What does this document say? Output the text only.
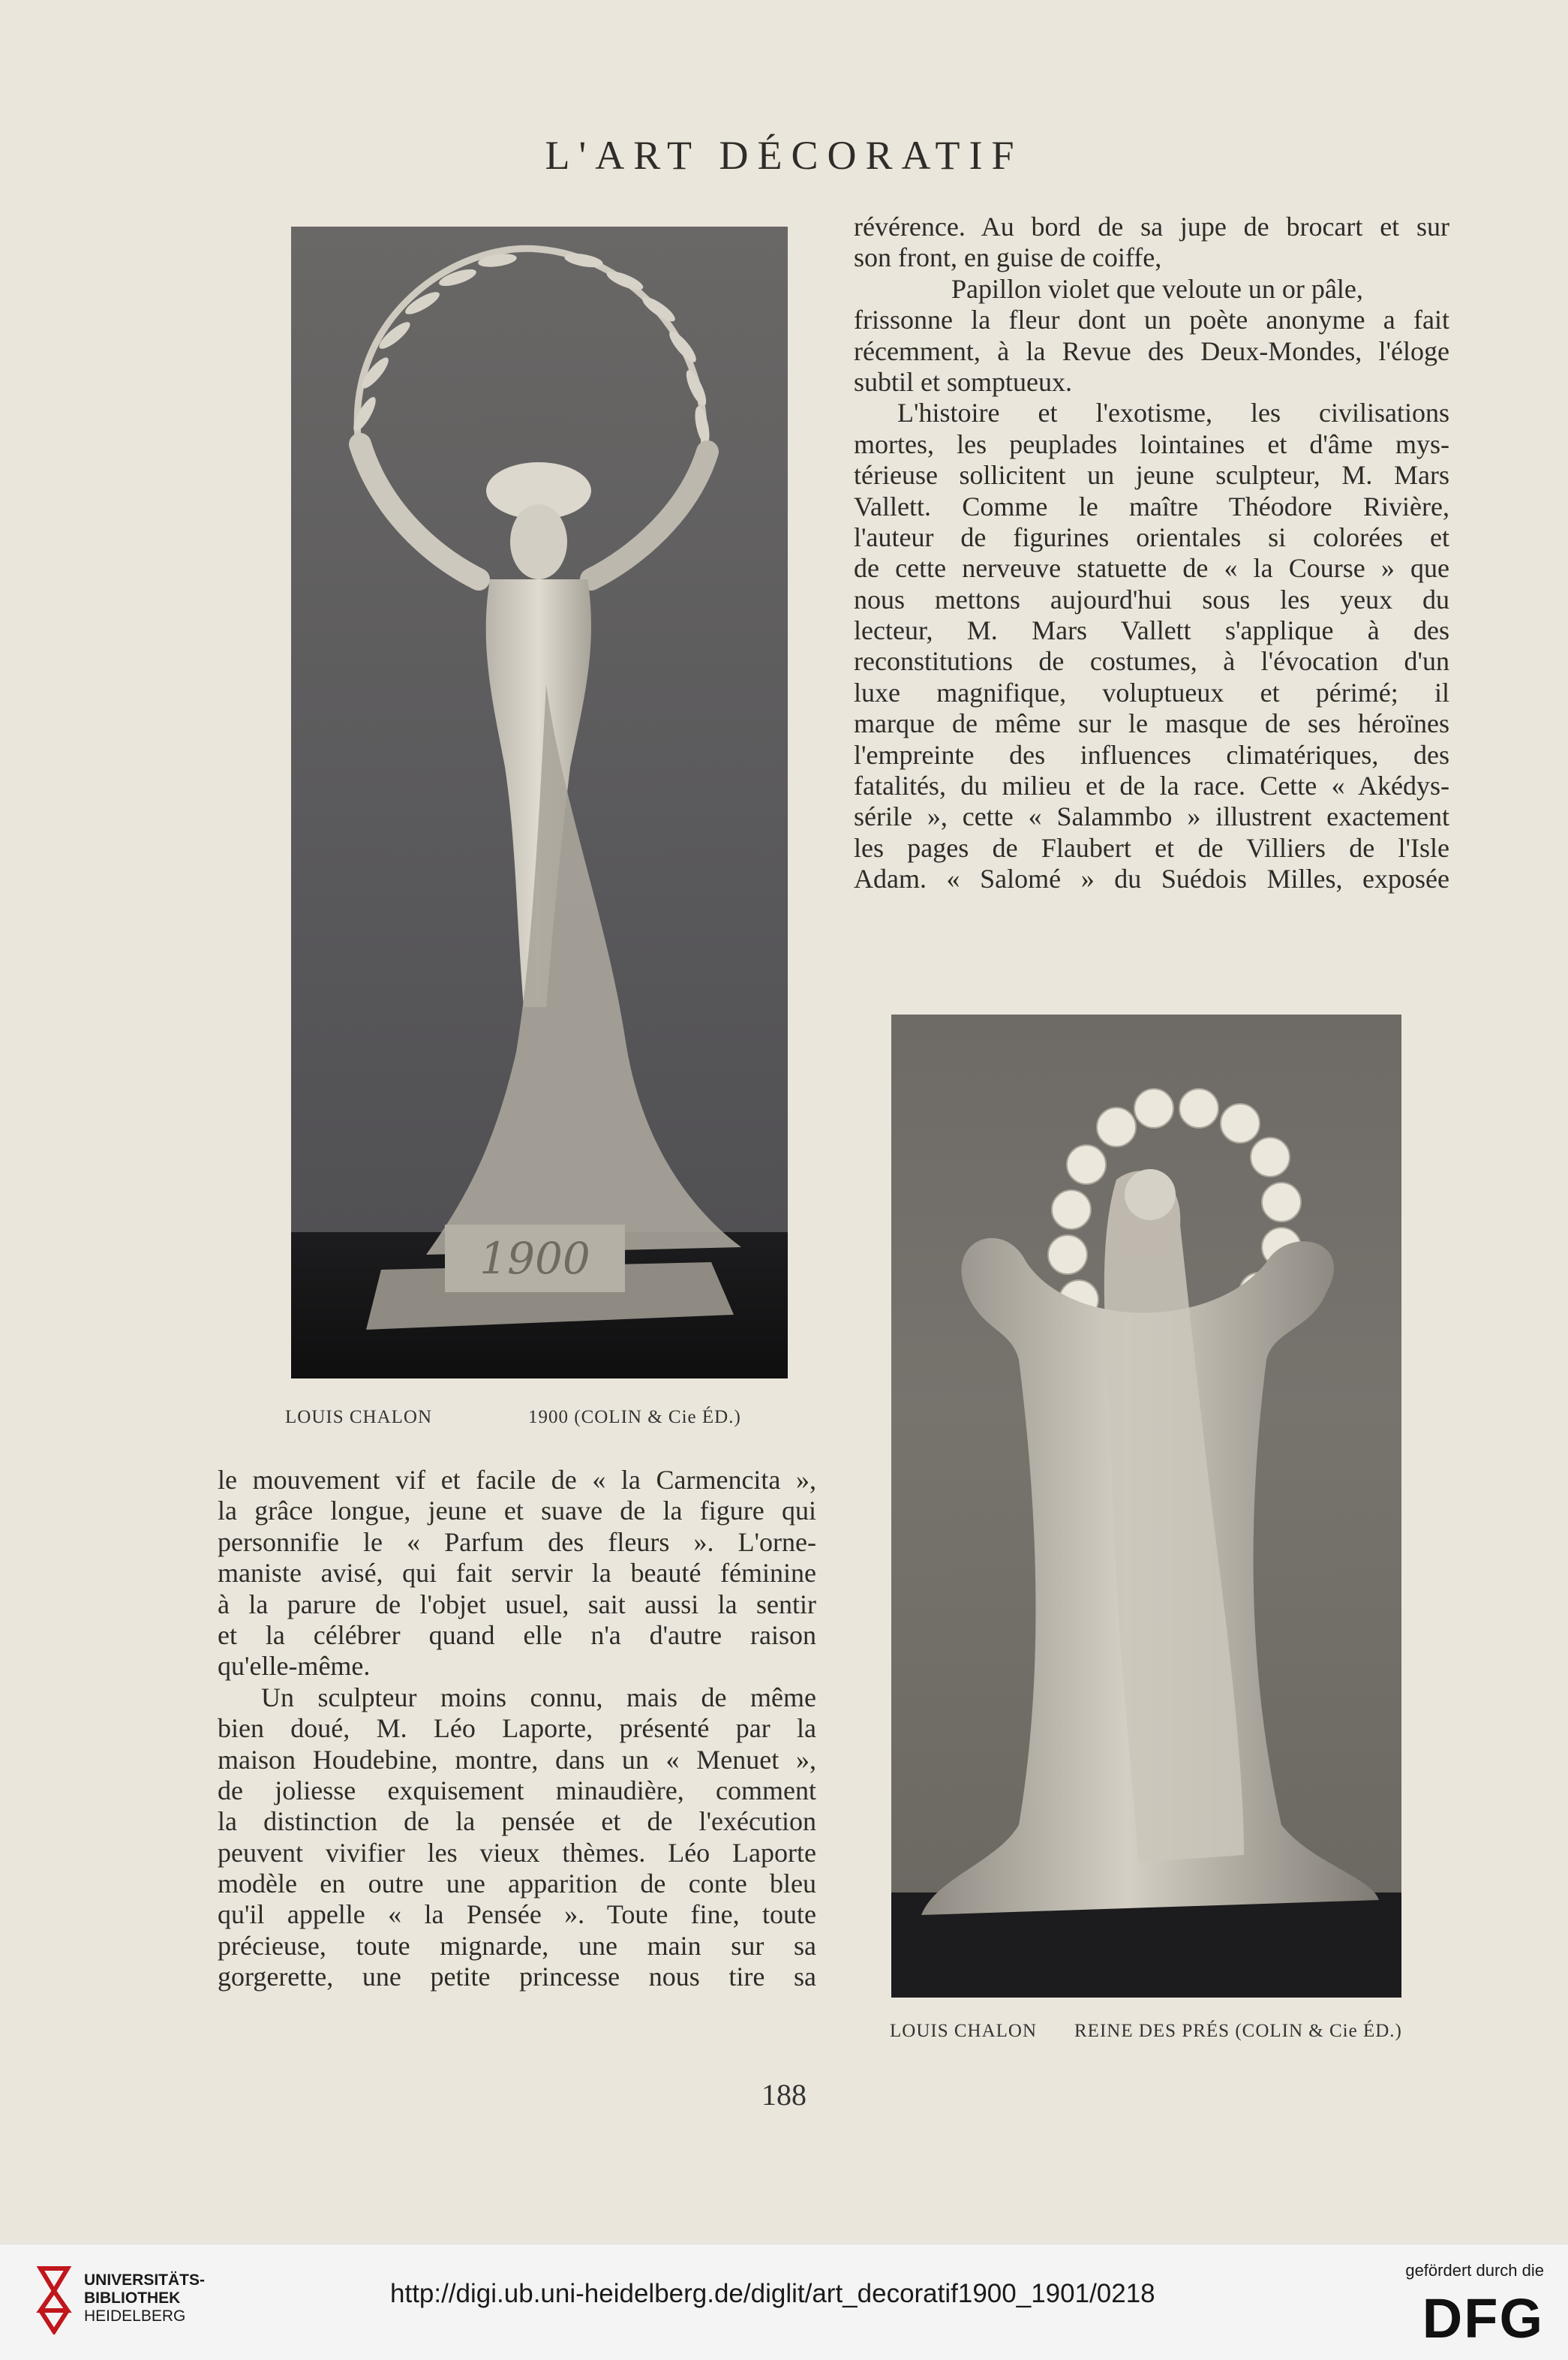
L'ART DÉCORATIF
1900
LOUIS CHALON	1900 (COLIN & Cie ÉD.)
LOUIS CHALON REINE DES PRÉS (COLIN & Cie ÉD.)
révérence. Au bord de sa jupe de brocart et sur
son front, en guise de coiffe,
Papillon violet que veloute un or pâle,
frissonne la fleur dont un poète anonyme a fait
récemment, à la Revue des Deux-Mondes, l'éloge
subtil et somptueux.
L'histoire et l'exotisme, les civilisations
mortes, les peuplades lointaines et d'âme mys-
térieuse sollicitent un jeune sculpteur, M. Mars
Vallett. Comme le maître Théodore Rivière,
l'auteur de figurines orientales si colorées et
de cette nerveuve statuette de « la Course » que
nous mettons aujourd'hui sous les yeux du
lecteur, M. Mars Vallett s'applique à des
reconstitutions de costumes, à l'évocation d'un
luxe magnifique, voluptueux et périmé; il
marque de même sur le masque de ses héroïnes
l'empreinte des influences climatériques, des
fatalités, du milieu et de la race. Cette « Akédys-
sérile », cette « Salammbo » illustrent exactement
les pages de Flaubert et de Villiers de l'Isle
Adam. « Salomé » du Suédois Milles, exposée
le mouvement vif et facile de « la Carmencita »,
la grâce longue, jeune et suave de la figure qui
personnifie le « Parfum des fleurs ». L'orne-
maniste avisé, qui fait servir la beauté féminine
à la parure de l'objet usuel, sait aussi la sentir
et la célébrer quand elle n'a d'autre raison
qu'elle-même.
Un sculpteur moins connu, mais de même
bien doué, M. Léo Laporte, présenté par la
maison Houdebine, montre, dans un « Menuet »,
de joliesse exquisement minaudière, comment
la distinction de la pensée et de l'exécution
peuvent vivifier les vieux thèmes. Léo Laporte
modèle en outre une apparition de conte bleu
qu'il appelle « la Pensée ». Toute fine, toute
précieuse, toute mignarde, une main sur sa
gorgerette, une petite princesse nous tire sa
188
UNIVERSITÄTS-
BIBLIOTHEK
HEIDELBERG
http://digi.ub.uni-heidelberg.de/diglit/art_decoratif1900_1901/0218
gefördert durch die
DFG
